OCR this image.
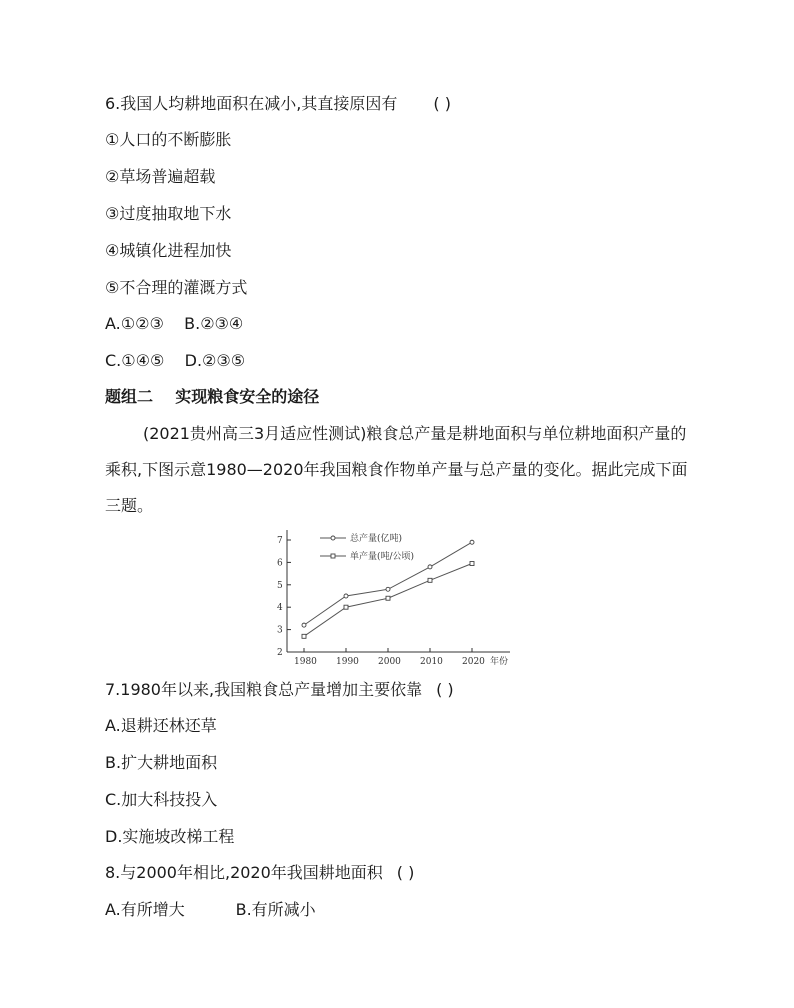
6.我国人均耕地面积在减小,其直接原因有 ( )
①人口的不断膨胀
②草场普遍超载
③过度抽取地下水
④城镇化进程加快
⑤不合理的灌溉方式
A.①②③    B.②③④
C.①④⑤    D.②③⑤
题组二    实现粮食安全的途径
(2021贵州高三3月适应性测试)粮食总产量是耕地面积与单位耕地面积产量的乘积,下图示意1980—2020年我国粮食作物单产量与总产量的变化。据此完成下面三题。
2
3
4
5
6
7
1980 1990 2000 2010 2020
总产量(亿吨)
单产量(吨/公顷)
年份
7.1980年以来,我国粮食总产量增加主要依靠 ( )
A.退耕还林还草
B.扩大耕地面积
C.加大科技投入
D.实施坡改梯工程
8.与2000年相比,2020年我国耕地面积 ( )
A.有所增大          B.有所减小
